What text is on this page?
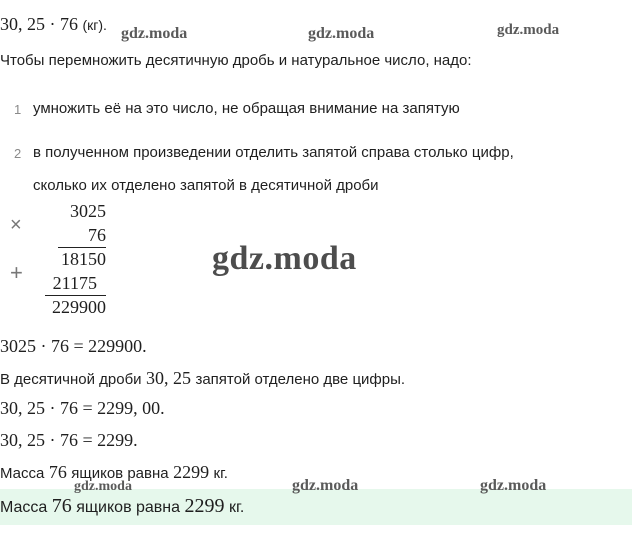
30, 25 · 76 (кг).
Чтобы перемножить десятичную дробь и натуральное число, надо:
1 умножить её на это число, не обращая внимание на запятую
2 в полученном произведении отделить запятой справа столько цифр,
сколько их отделено запятой в десятичной дроби
×
+
3025
76
18150
21175
229900
3025 · 76 = 229900.
В десятичной дроби 30, 25 запятой отделено две цифры.
30, 25 · 76 = 2299, 00.
30, 25 · 76 = 2299.
Масса 76 ящиков равна 2299 кг.
Масса 76 ящиков равна 2299 кг.
gdz.moda	gdz.moda	gdz.moda
gdz.moda
gdz.moda	gdz.moda	gdz.moda
